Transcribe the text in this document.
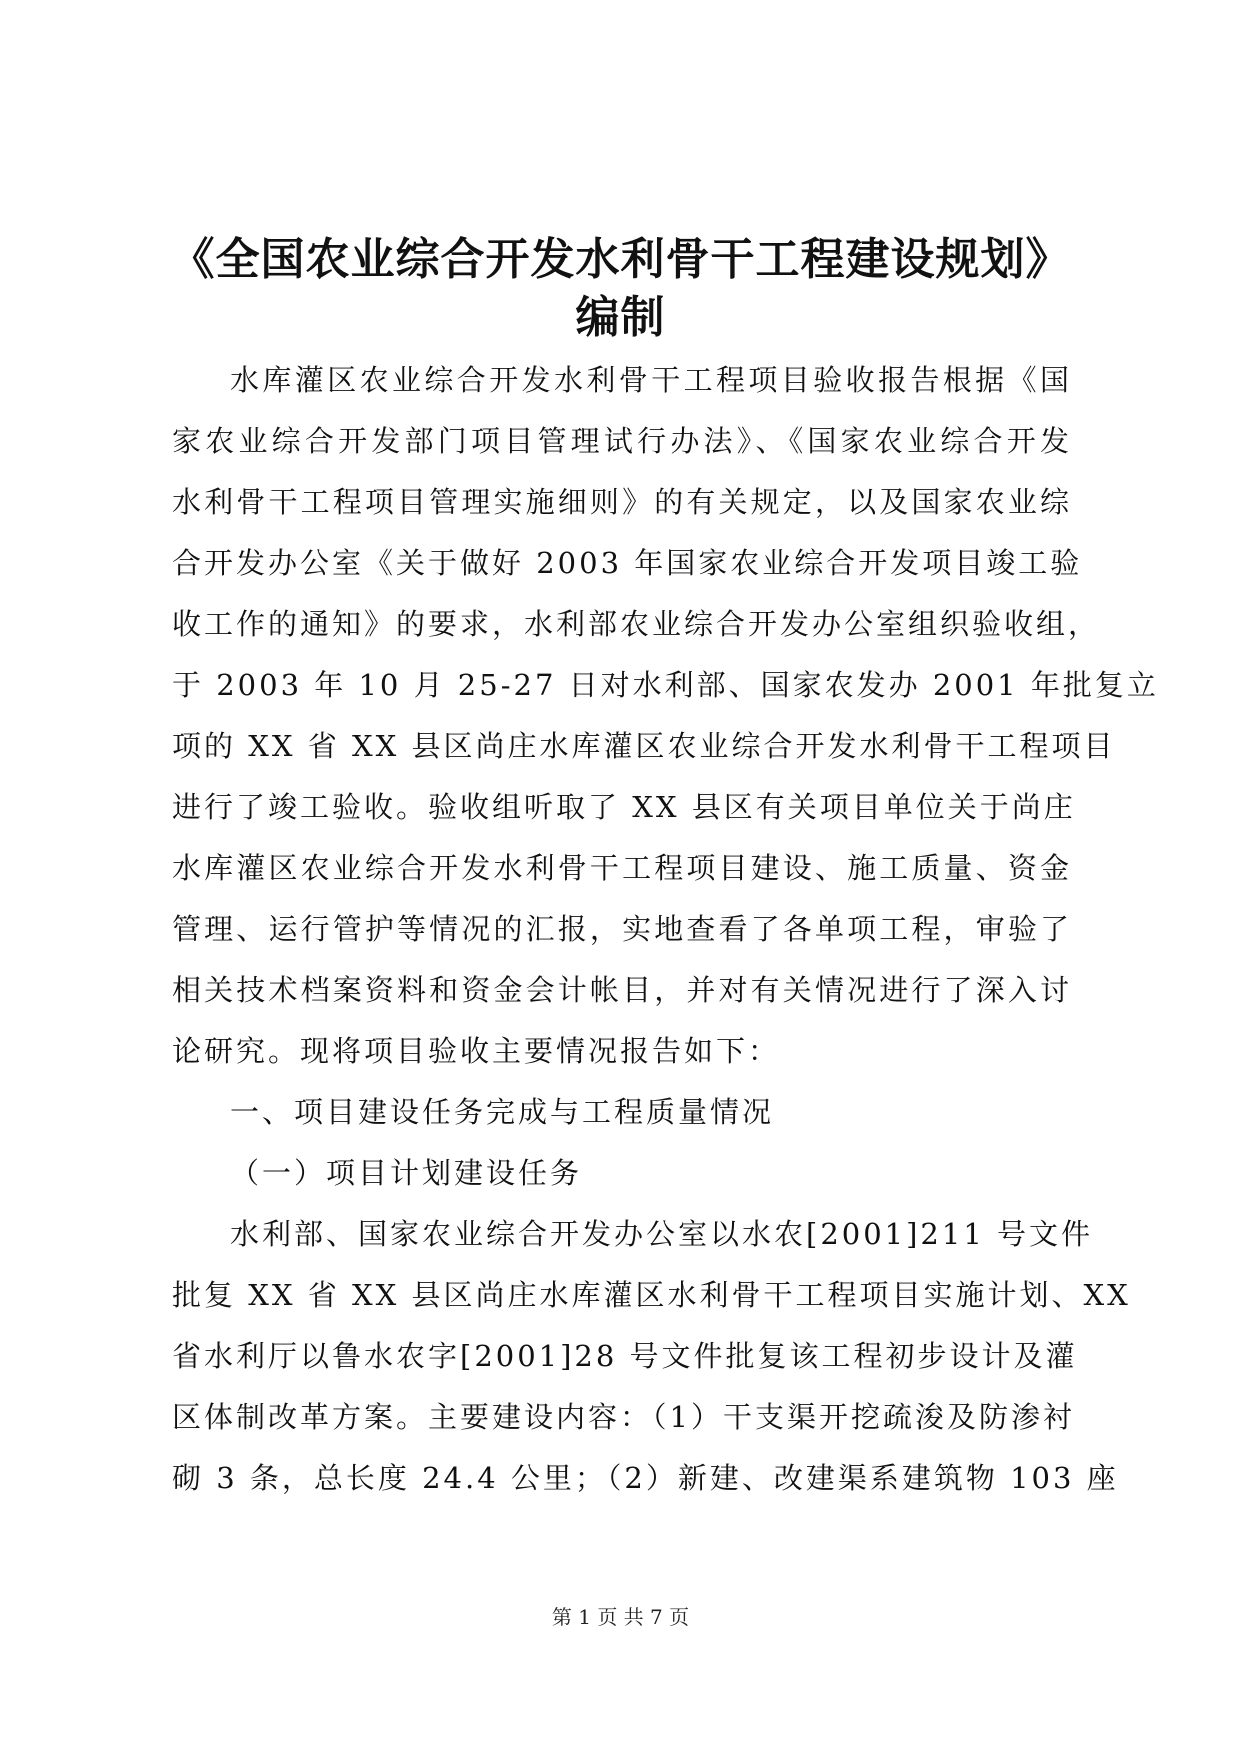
《全国农业综合开发水利骨干工程建设规划》
编制
水库灌区农业综合开发水利骨干工程项目验收报告根据《国
家农业综合开发部门项目管理试行办法》、《国家农业综合开发
水利骨干工程项目管理实施细则》的有关规定，以及国家农业综
合开发办公室《关于做好 2003 年国家农业综合开发项目竣工验
收工作的通知》的要求，水利部农业综合开发办公室组织验收组，
于 2003 年 10 月 25-27 日对水利部、国家农发办 2001 年批复立
项的 XX 省 XX 县区尚庄水库灌区农业综合开发水利骨干工程项目
进行了竣工验收。验收组听取了 XX 县区有关项目单位关于尚庄
水库灌区农业综合开发水利骨干工程项目建设、施工质量、资金
管理、运行管护等情况的汇报，实地查看了各单项工程，审验了
相关技术档案资料和资金会计帐目，并对有关情况进行了深入讨
论研究。现将项目验收主要情况报告如下：
一、项目建设任务完成与工程质量情况
（一）项目计划建设任务
水利部、国家农业综合开发办公室以水农[2001]211 号文件
批复 XX 省 XX 县区尚庄水库灌区水利骨干工程项目实施计划、XX
省水利厅以鲁水农字[2001]28 号文件批复该工程初步设计及灌
区体制改革方案。主要建设内容：（1）干支渠开挖疏浚及防渗衬
砌 3 条，总长度 24.4 公里；（2）新建、改建渠系建筑物 103 座
第 1 页 共 7 页
